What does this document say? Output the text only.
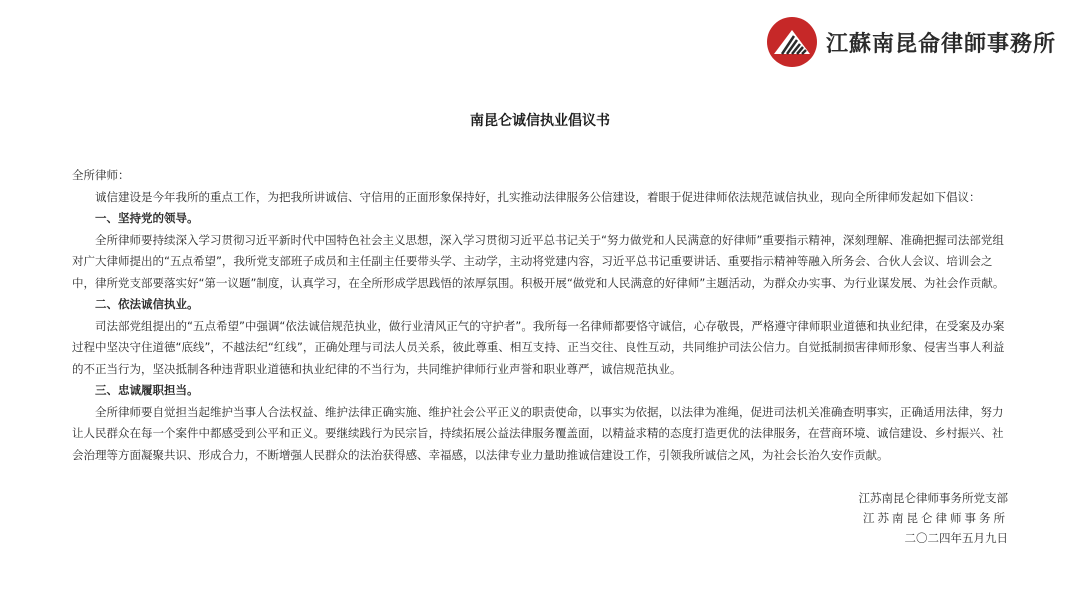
江蘇南昆侖律師事務所
南昆仑诚信执业倡议书

全所律师：

诚信建设是今年我所的重点工作，为把我所讲诚信、守信用的正面形象保持好，扎实推动法律服务公信建设，着眼于促进律师依法规范诚信执业，现向全所律师发起如下倡议：

一、坚持党的领导。

全所律师要持续深入学习贯彻习近平新时代中国特色社会主义思想，深入学习贯彻习近平总书记关于“努力做党和人民满意的好律师”重要指示精神，深刻理解、准确把握司法部党组对广大律师提出的“五点希望”，我所党支部班子成员和主任副主任要带头学、主动学，主动将党建内容，习近平总书记重要讲话、重要指示精神等融入所务会、合伙人会议、培训会之中，律所党支部要落实好“第一议题”制度，认真学习，在全所形成学思践悟的浓厚氛围。积极开展“做党和人民满意的好律师”主题活动，为群众办实事、为行业谋发展、为社会作贡献。

二、依法诚信执业。

司法部党组提出的“五点希望”中强调“依法诚信规范执业，做行业清风正气的守护者”。我所每一名律师都要恪守诚信，心存敬畏，严格遵守律师职业道德和执业纪律，在受案及办案过程中坚决守住道德“底线”，不越法纪“红线”，正确处理与司法人员关系，彼此尊重、相互支持、正当交往、良性互动，共同维护司法公信力。自觉抵制损害律师形象、侵害当事人利益的不正当行为，坚决抵制各种违背职业道德和执业纪律的不当行为，共同维护律师行业声誉和职业尊严，诚信规范执业。

三、忠诚履职担当。

全所律师要自觉担当起维护当事人合法权益、维护法律正确实施、维护社会公平正义的职责使命，以事实为依据，以法律为准绳，促进司法机关准确查明事实，正确适用法律，努力让人民群众在每一个案件中都感受到公平和正义。要继续践行为民宗旨，持续拓展公益法律服务覆盖面，以精益求精的态度打造更优的法律服务，在营商环境、诚信建设、乡村振兴、社会治理等方面凝聚共识、形成合力，不断增强人民群众的法治获得感、幸福感，以法律专业力量助推诚信建设工作，引领我所诚信之风，为社会长治久安作贡献。

江苏南昆仑律师事务所党支部
江苏南昆仑律师事务所
二〇二四年五月九日
